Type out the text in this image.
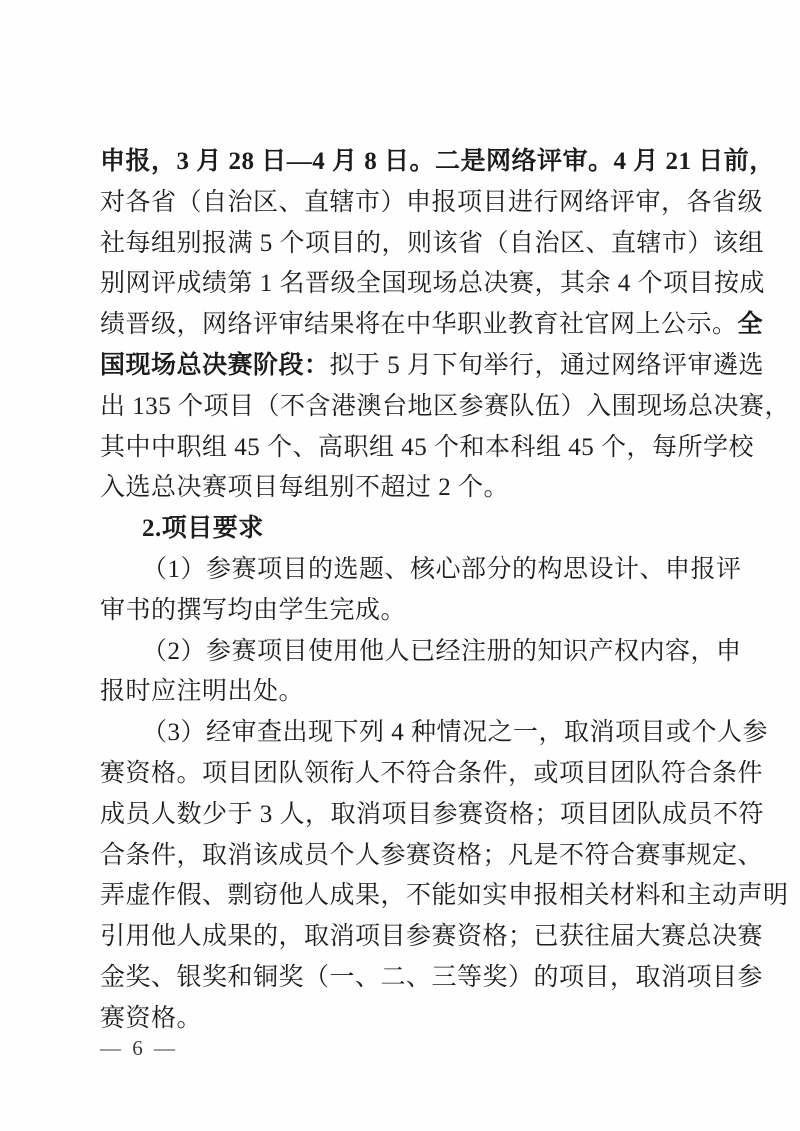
申报，3 月 28 日—4 月 8 日。二是网络评审。4 月 21 日前，
对各省（自治区、直辖市）申报项目进行网络评审，各省级
社每组别报满 5 个项目的，则该省（自治区、直辖市）该组
别网评成绩第 1 名晋级全国现场总决赛，其余 4 个项目按成
绩晋级，网络评审结果将在中华职业教育社官网上公示。全
国现场总决赛阶段：拟于 5 月下旬举行，通过网络评审遴选
出 135 个项目（不含港澳台地区参赛队伍）入围现场总决赛，
其中中职组 45 个、高职组 45 个和本科组 45 个，每所学校
入选总决赛项目每组别不超过 2 个。
2.项目要求
（1）参赛项目的选题、核心部分的构思设计、申报评
审书的撰写均由学生完成。
（2）参赛项目使用他人已经注册的知识产权内容，申
报时应注明出处。
（3）经审查出现下列 4 种情况之一，取消项目或个人参
赛资格。项目团队领衔人不符合条件，或项目团队符合条件
成员人数少于 3 人，取消项目参赛资格；项目团队成员不符
合条件，取消该成员个人参赛资格；凡是不符合赛事规定、
弄虚作假、剽窃他人成果，不能如实申报相关材料和主动声明
引用他人成果的，取消项目参赛资格；已获往届大赛总决赛
金奖、银奖和铜奖（一、二、三等奖）的项目，取消项目参
赛资格。
— 6 —
